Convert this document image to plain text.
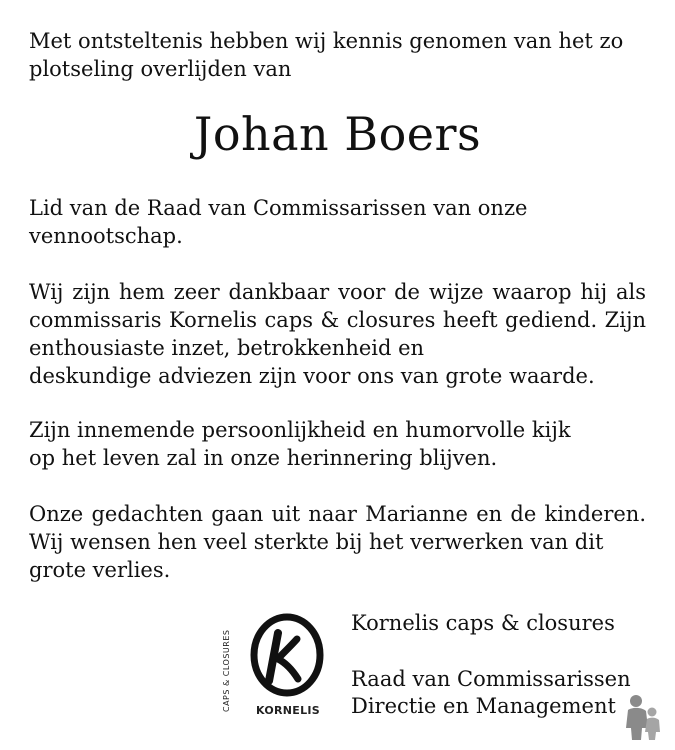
Met ontsteltenis hebben wij kennis genomen van het zo plotseling overlijden van

Johan Boers

Lid van de Raad van Commissarissen van onze
vennootschap.

Wij zijn hem zeer dankbaar voor de wijze waarop hij als commissaris Kornelis caps & closures heeft gediend. Zijn enthousiaste inzet, betrokkenheid en
deskundige adviezen zijn voor ons van grote waarde.

Zijn innemende persoonlijkheid en humorvolle kijk
op het leven zal in onze herinnering blijven.

Onze gedachten gaan uit naar Marianne en de kinderen. Wij wensen hen veel sterkte bij het verwerken van dit
grote verlies.

CAPS & CLOSURES	KORNELIS

Kornelis caps & closures

Raad van Commissarissen

Directie en Management
